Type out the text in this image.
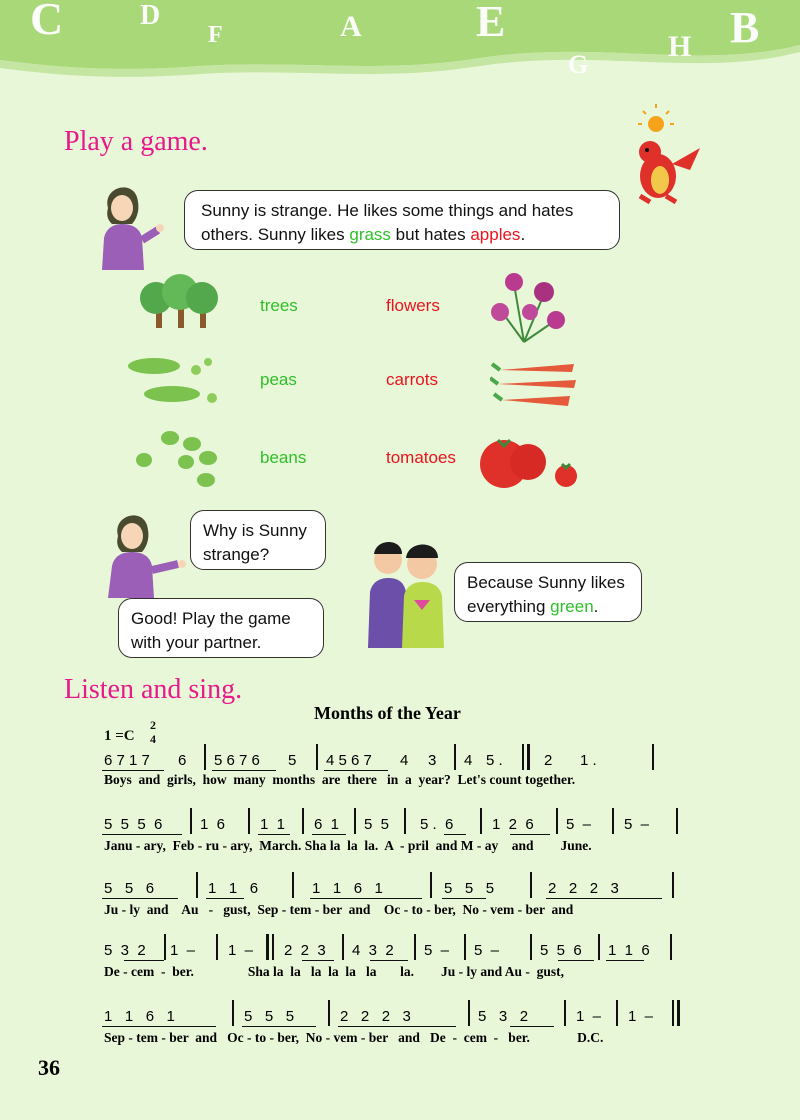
C	D
F	A	E
G
H B
Play a game.
Sunny is strange. He likes some things and hates
others. Sunny likes grass but hates apples.
trees	flowers
peas	carrots
beans	tomatoes
Why is Sunny
strange?
Good! Play the game
with your partner.
Because Sunny likes
everything green.
Listen and sing.
Months of the Year
1 =C
2
4
6 7 1 7 6 5 6 7 6 5 4 5 6 7 4 3 4 5 .	2 1 .
Boys  and  girls,  how  many  months  are  there   in  a  year?  Let's count together.
5  5  5  6	1  6 1  1 6  1 5  5 5 .  6	1  2  6 5  – 5  –
Janu - ary,  Feb - ru - ary,  March. Sha la  la  la.  A  - pril  and M - ay    and        June.
5   5   6	1   1   6	1   1   6   1	5   5   5	2   2   2   3
Ju - ly  and    Au   -   gust,  Sep - tem - ber  and    Oc - to - ber,  No - vem - ber  and
5  3  2 1  – 1  – 2  2  3 4  3  2 5  – 5  –	5  5  6 1  1  6
De - cem  -  ber.                Sha la  la   la  la  la   la       la.        Ju - ly and Au -  gust,
1   1   6   1	5   5   5	2   2   2   3	5   3   2	1  – 1  –
Sep - tem - ber  and   Oc - to - ber,  No - vem - ber   and   De  -  cem  -   ber.              D.C.
36
